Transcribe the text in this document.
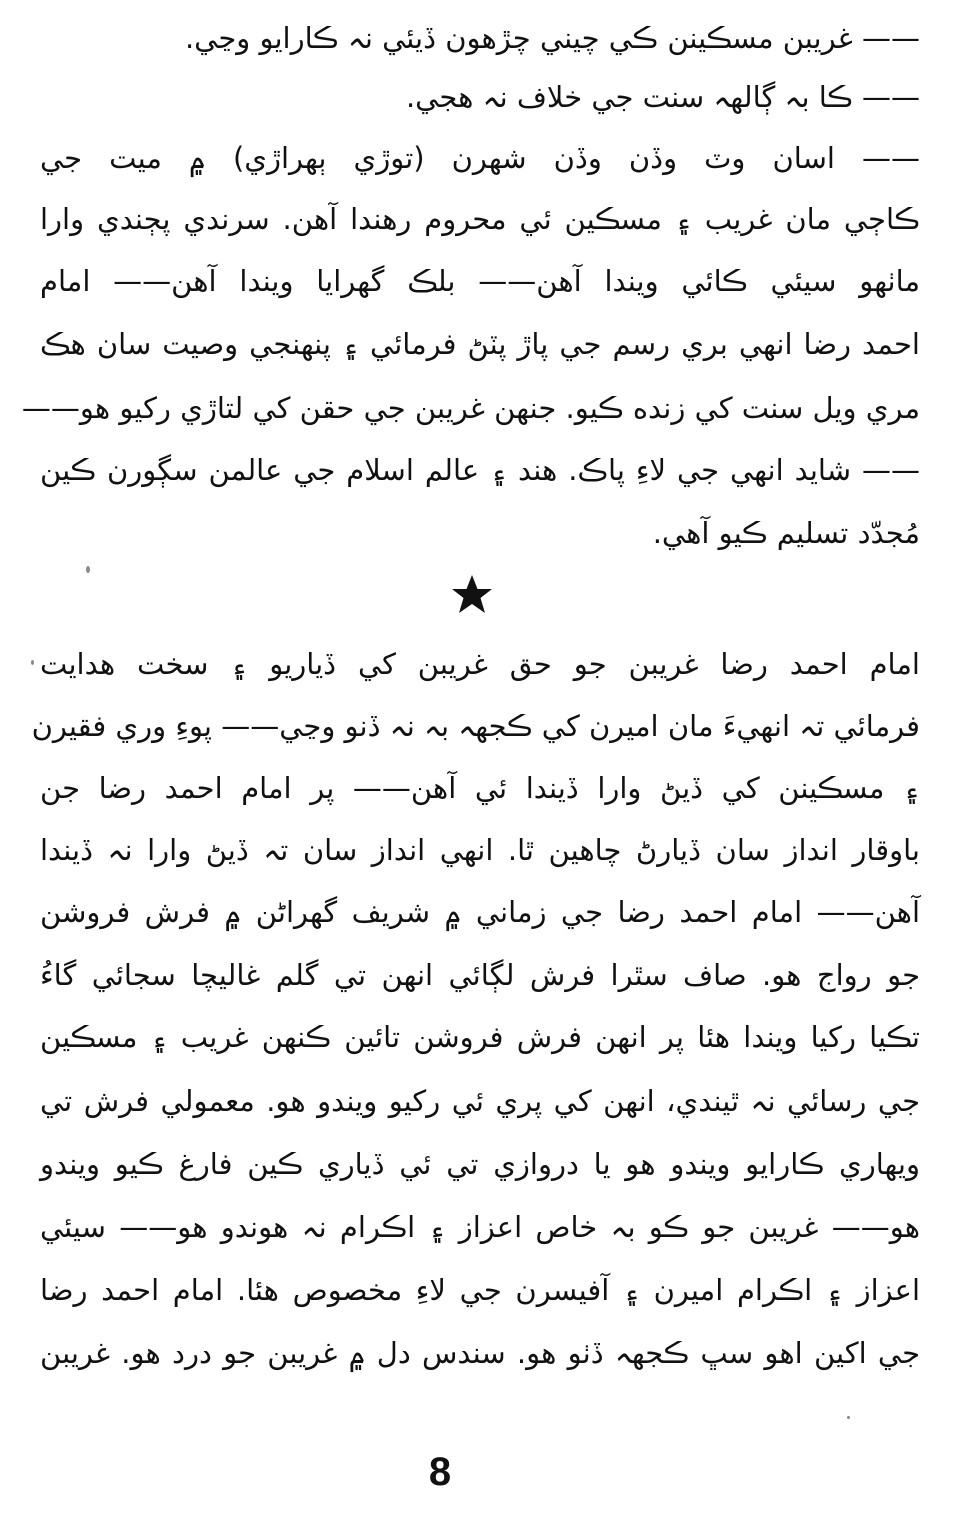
—— غريبن مسڪينن ڪي چيني چڙهون ڏيئي نہ ڪارايو وڃي.
—— ڪا بہ ڳالهہ سنت جي خلاف نہ هجي.
—— اسان وٽ وڏن وڏن شهرن (توڙي ٻهراڙي) ۾ ميت جي
ڪاڄي مان غريب ۽ مسڪين ئي محروم رهندا آهن. سرندي پڄندي وارا
ماٺهو سيئي ڪائي ويندا آهن—— بلڪ گهرايا ويندا آهن—— امام
احمد رضا انهي بري رسم جي پاڙ پٽڻ فرمائي ۽ پنهنجي وصيت سان هڪ
مري ويل سنت کي زنده ڪيو. جنهن غريبن جي حقن کي لتاڙي رکيو هو——
—— شايد انهي جي لاءِ پاڪ. هند ۽ عالم اسلام جي عالمن سڳورن ڪين
مُجدّد تسليم ڪيو آهي.
امام احمد رضا غريبن جو حق غريبن کي ڏياريو ۽ سخت هدايت
فرمائي تہ انهيءَ مان اميرن کي ڪجهہ بہ نہ ڏنو وڃي—— پوءِ وري فقيرن
۽ مسڪينن کي ڏيڻ وارا ڏيندا ئي آهن—— پر امام احمد رضا جن
باوقار انداز سان ڏيارڻ چاهين ٿا. انهي انداز سان تہ ڏيڻ وارا نہ ڏيندا
آهن—— امام احمد رضا جي زماني ۾ شريف گهراڻن ۾ فرش فروشن
جو رواج هو. صاف سٿرا فرش لڳائي انهن تي گلم غاليچا سجائي گاءُ
تڪيا رکيا ويندا هئا پر انهن فرش فروشن تائين ڪنهن غريب ۽ مسڪين
جي رسائي نہ ٿيندي، انهن کي پري ئي رکيو ويندو هو. معمولي فرش تي
ويهاري ڪارايو ويندو هو يا دروازي تي ئي ڏياري ڪين فارغ ڪيو ويندو
هو—— غريبن جو ڪو بہ خاص اعزاز ۽ اڪرام نہ هوندو هو—— سيئي
اعزاز ۽ اڪرام اميرن ۽ آفيسرن جي لاءِ مخصوص هئا. امام احمد رضا
جي اکين اهو سڀ ڪجهہ ڏٺو هو. سندس دل ۾ غريبن جو درد هو. غريبن
8
